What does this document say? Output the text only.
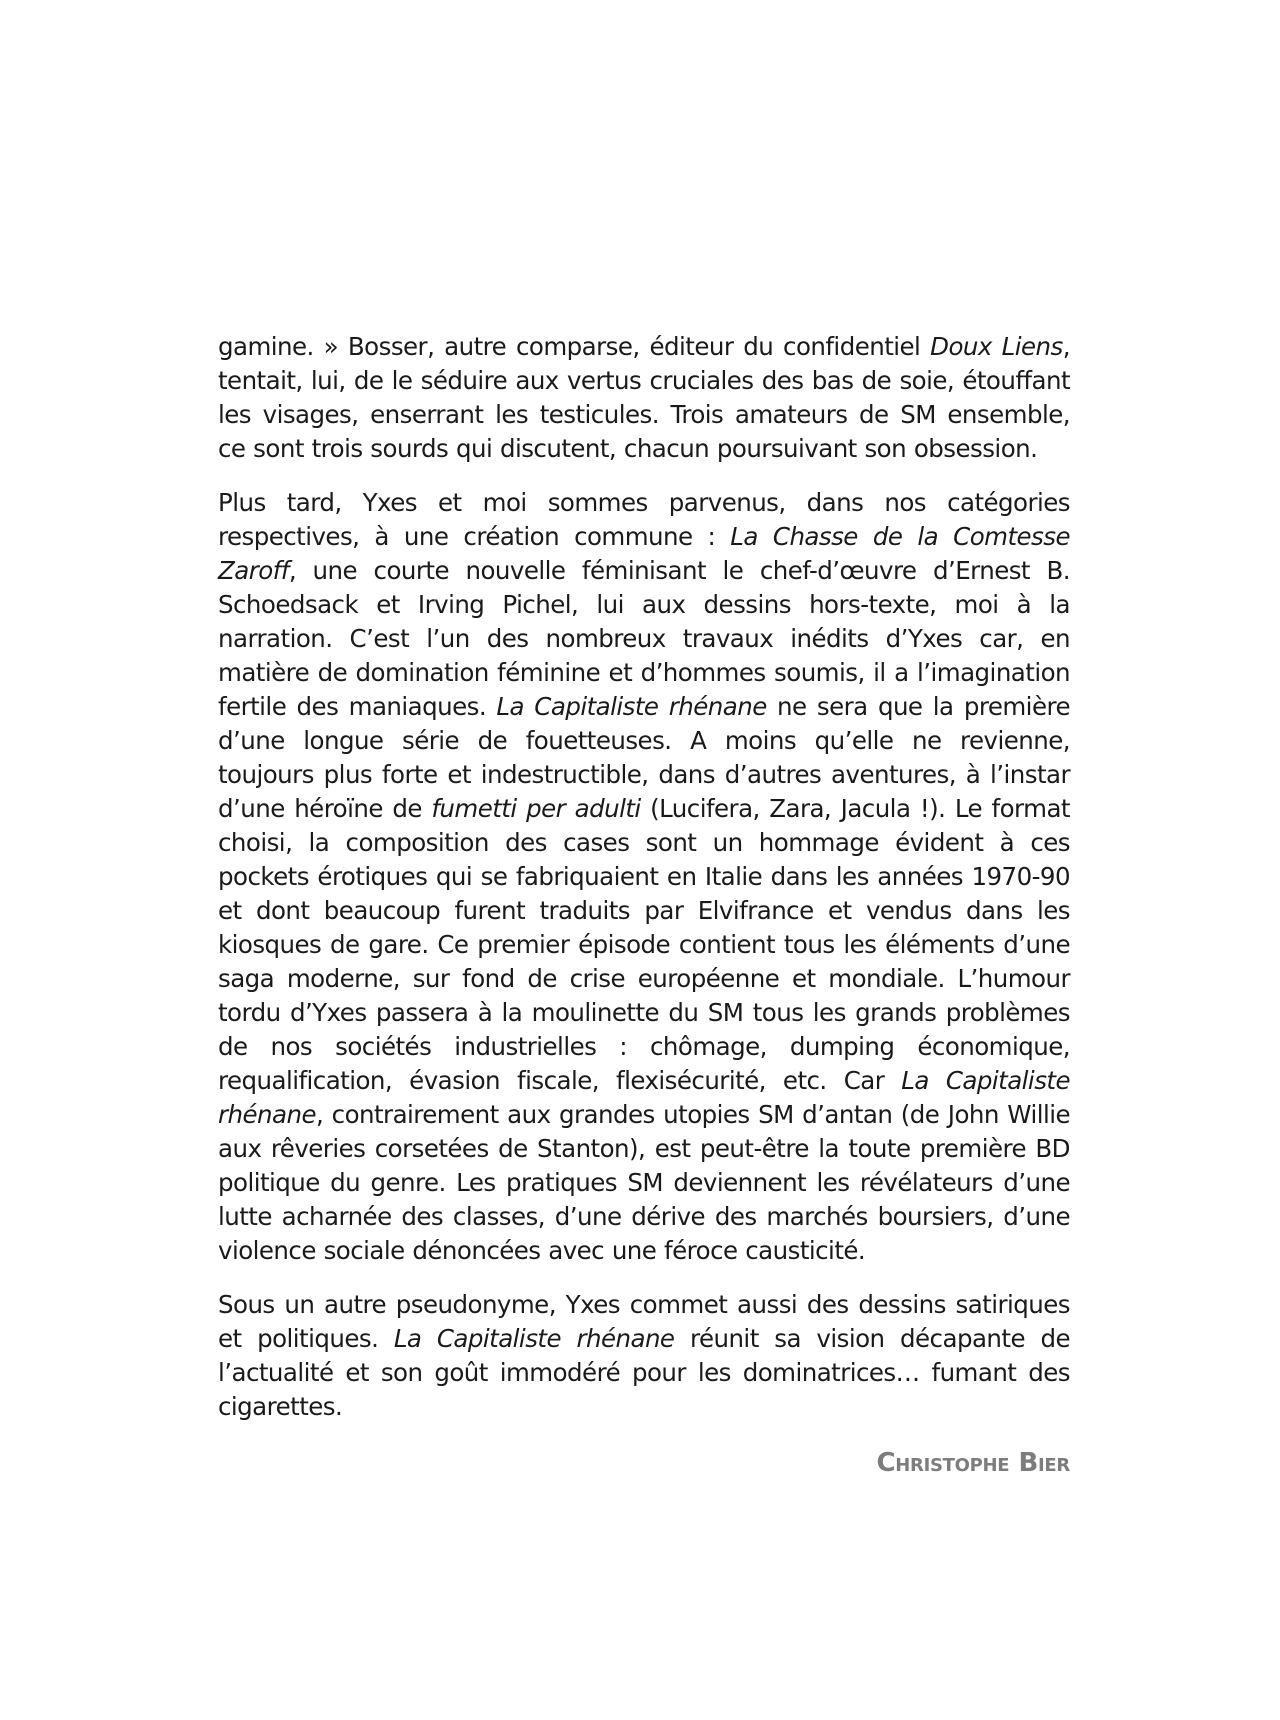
gamine. » Bosser, autre comparse, éditeur du confidentiel Doux Liens, tentait, lui, de le séduire aux vertus cruciales des bas de soie, étouffant les visages, enserrant les testicules. Trois amateurs de SM ensemble, ce sont trois sourds qui discutent, chacun poursuivant son obsession.

Plus tard, Yxes et moi sommes parvenus, dans nos catégories respectives, à une création commune : La Chasse de la Comtesse Zaroff, une courte nouvelle féminisant le chef-d’œuvre d’Ernest B. Schoedsack et Irving Pichel, lui aux dessins hors-texte, moi à la narration. C’est l’un des nombreux travaux inédits d’Yxes car, en matière de domination féminine et d’hommes soumis, il a l’imagination fertile des maniaques. La Capitaliste rhénane ne sera que la première d’une longue série de fouetteuses. A moins qu’elle ne revienne, toujours plus forte et indestructible, dans d’autres aventures, à l’instar d’une héroïne de fumetti per adulti (Lucifera, Zara, Jacula !). Le format choisi, la composition des cases sont un hommage évident à ces pockets érotiques qui se fabriquaient en Italie dans les années 1970-90 et dont beaucoup furent traduits par Elvifrance et vendus dans les kiosques de gare. Ce premier épisode contient tous les éléments d’une saga moderne, sur fond de crise européenne et mondiale. L’humour tordu d’Yxes passera à la moulinette du SM tous les grands problèmes de nos sociétés industrielles : chômage, dumping économique, requalification, évasion fiscale, flexisécurité, etc. Car La Capitaliste rhénane, contrairement aux grandes utopies SM d’antan (de John Willie aux rêveries corsetées de Stanton), est peut-être la toute première BD politique du genre. Les pratiques SM deviennent les révélateurs d’une lutte acharnée des classes, d’une dérive des marchés boursiers, d’une violence sociale dénoncées avec une féroce causticité.

Sous un autre pseudonyme, Yxes commet aussi des dessins satiriques et politiques. La Capitaliste rhénane réunit sa vision décapante de l’actualité et son goût immodéré pour les dominatrices… fumant des cigarettes.

Christophe Bier
